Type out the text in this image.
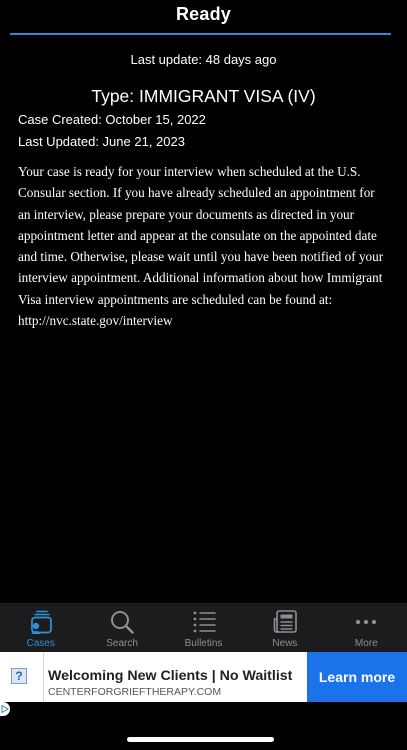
Ready
Last update: 48 days ago
Type: IMMIGRANT VISA (IV)
Case Created: October 15, 2022
Last Updated: June 21, 2023
Your case is ready for your interview when scheduled at the U.S. Consular section. If you have already scheduled an appointment for an interview, please prepare your documents as directed in your appointment letter and appear at the consulate on the appointed date and time. Otherwise, please wait until you have been notified of your interview appointment. Additional information about how Immigrant Visa interview appointments are scheduled can be found at: http://nvc.state.gov/interview
Cases	Search	Bulletins	News	More
?	Welcoming New Clients | No Waitlist
CENTERFORGRIEFTHERAPY.COM
Learn more
